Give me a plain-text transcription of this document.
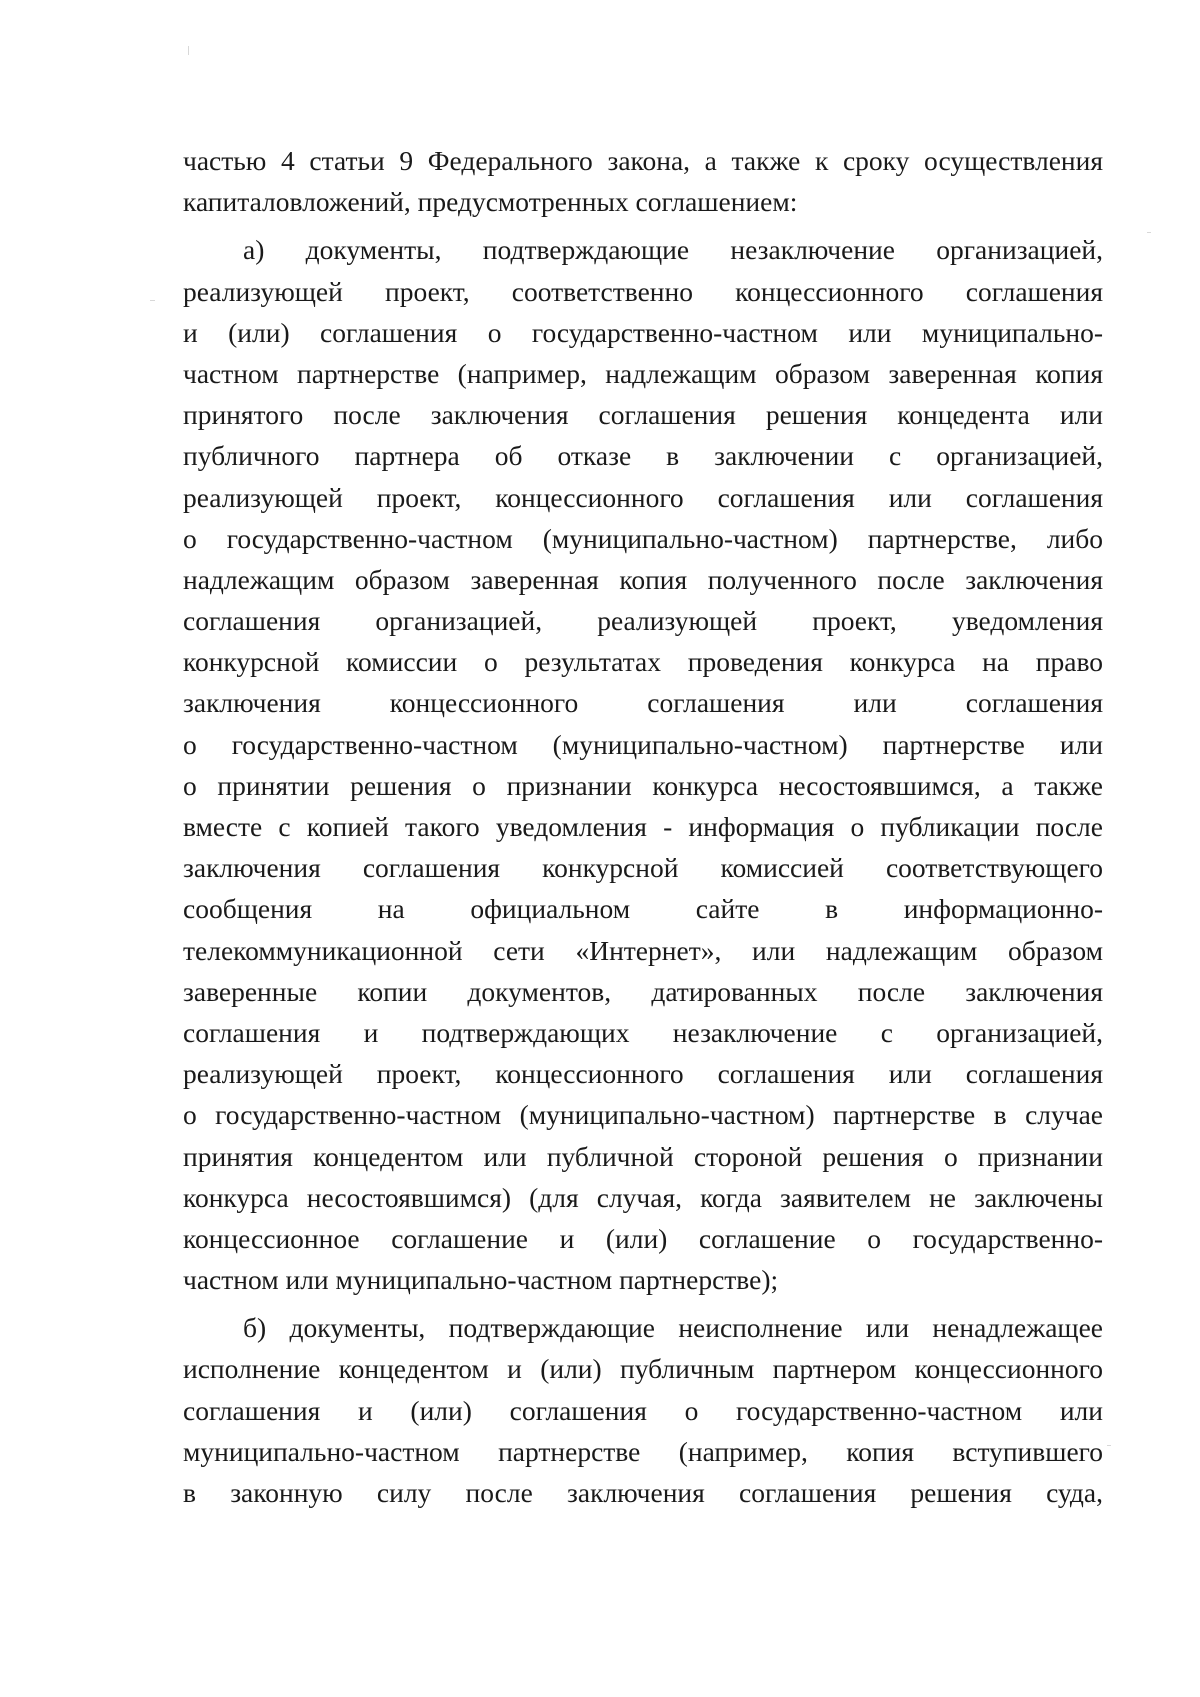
частью 4 статьи 9 Федерального закона, а также к сроку осуществления
капиталовложений, предусмотренных соглашением:
а) документы, подтверждающие незаключение организацией,
реализующей проект, соответственно концессионного соглашения
и (или) соглашения о государственно-частном или муниципально-
частном партнерстве (например, надлежащим образом заверенная копия
принятого после заключения соглашения решения концедента или
публичного партнера об отказе в заключении с организацией,
реализующей проект, концессионного соглашения или соглашения
о государственно-частном (муниципально-частном) партнерстве, либо
надлежащим образом заверенная копия полученного после заключения
соглашения организацией, реализующей проект, уведомления
конкурсной комиссии о результатах проведения конкурса на право
заключения концессионного соглашения или соглашения
о государственно-частном (муниципально-частном) партнерстве или
о принятии решения о признании конкурса несостоявшимся, а также
вместе с копией такого уведомления - информация о публикации после
заключения соглашения конкурсной комиссией соответствующего
сообщения на официальном сайте в информационно-
телекоммуникационной сети «Интернет», или надлежащим образом
заверенные копии документов, датированных после заключения
соглашения и подтверждающих незаключение с организацией,
реализующей проект, концессионного соглашения или соглашения
о государственно-частном (муниципально-частном) партнерстве в случае
принятия концедентом или публичной стороной решения о признании
конкурса несостоявшимся) (для случая, когда заявителем не заключены
концессионное соглашение и (или) соглашение о государственно-
частном или муниципально-частном партнерстве);
б) документы, подтверждающие неисполнение или ненадлежащее
исполнение концедентом и (или) публичным партнером концессионного
соглашения и (или) соглашения о государственно-частном или
муниципально-частном партнерстве (например, копия вступившего
в законную силу после заключения соглашения решения суда,
